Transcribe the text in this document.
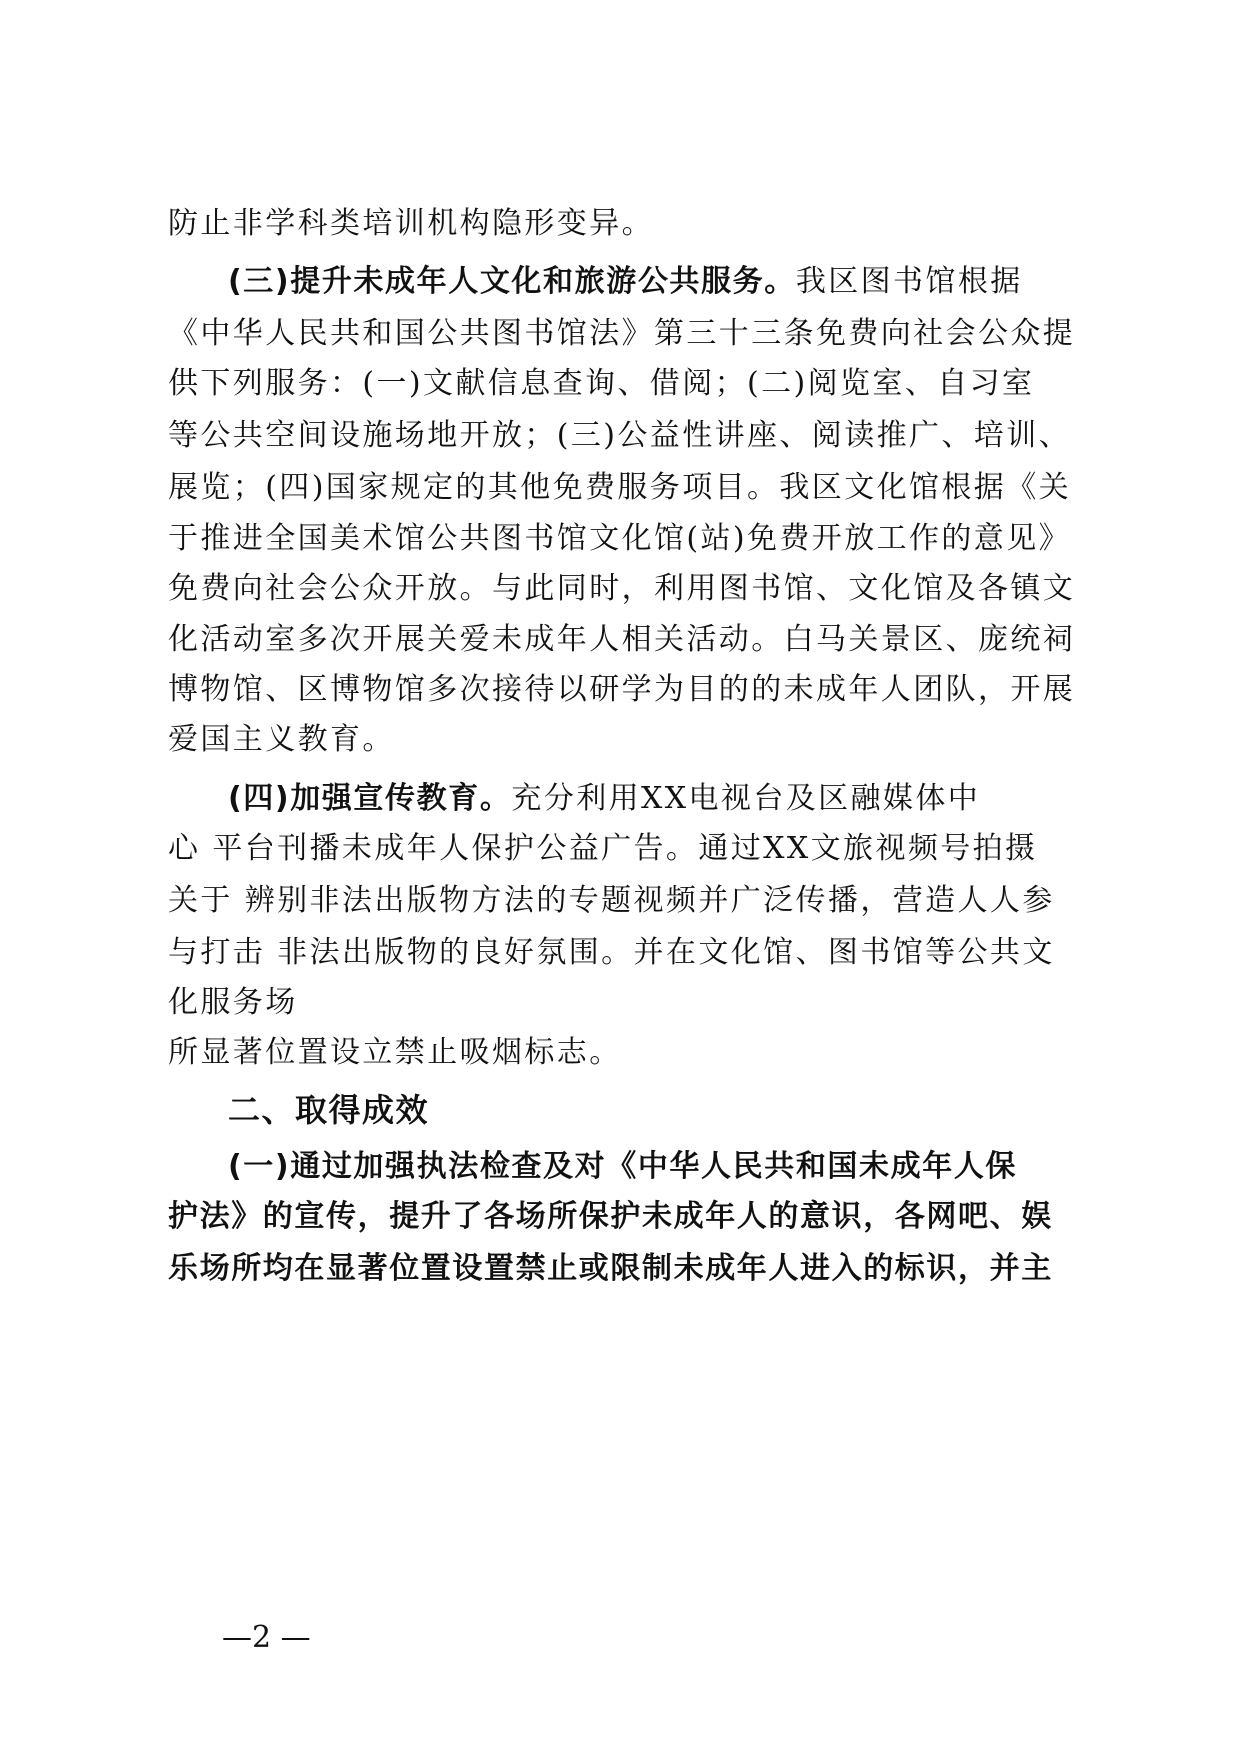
防止非学科类培训机构隐形变异。
(三)提升未成年人文化和旅游公共服务。我区图书馆根据
《中华人民共和国公共图书馆法》第三十三条免费向社会公众提
供下列服务：(一)文献信息查询、借阅；(二)阅览室、自习室
等公共空间设施场地开放；(三)公益性讲座、阅读推广、培训、
展览；(四)国家规定的其他免费服务项目。我区文化馆根据《关
于推进全国美术馆公共图书馆文化馆(站)免费开放工作的意见》
免费向社会公众开放。与此同时，利用图书馆、文化馆及各镇文
化活动室多次开展关爱未成年人相关活动。白马关景区、庞统祠
博物馆、区博物馆多次接待以研学为目的的未成年人团队，开展
爱国主义教育。
(四)加强宣传教育。充分利用XX电视台及区融媒体中
心 平台刊播未成年人保护公益广告。通过XX文旅视频号拍摄
关于 辨别非法出版物方法的专题视频并广泛传播，营造人人参
与打击 非法出版物的良好氛围。并在文化馆、图书馆等公共文
化服务场
所显著位置设立禁止吸烟标志。
二、取得成效
(一)通过加强执法检查及对《中华人民共和国未成年人保
护法》的宣传，提升了各场所保护未成年人的意识，各网吧、娱
乐场所均在显著位置设置禁止或限制未成年人进入的标识，并主
—2 —
